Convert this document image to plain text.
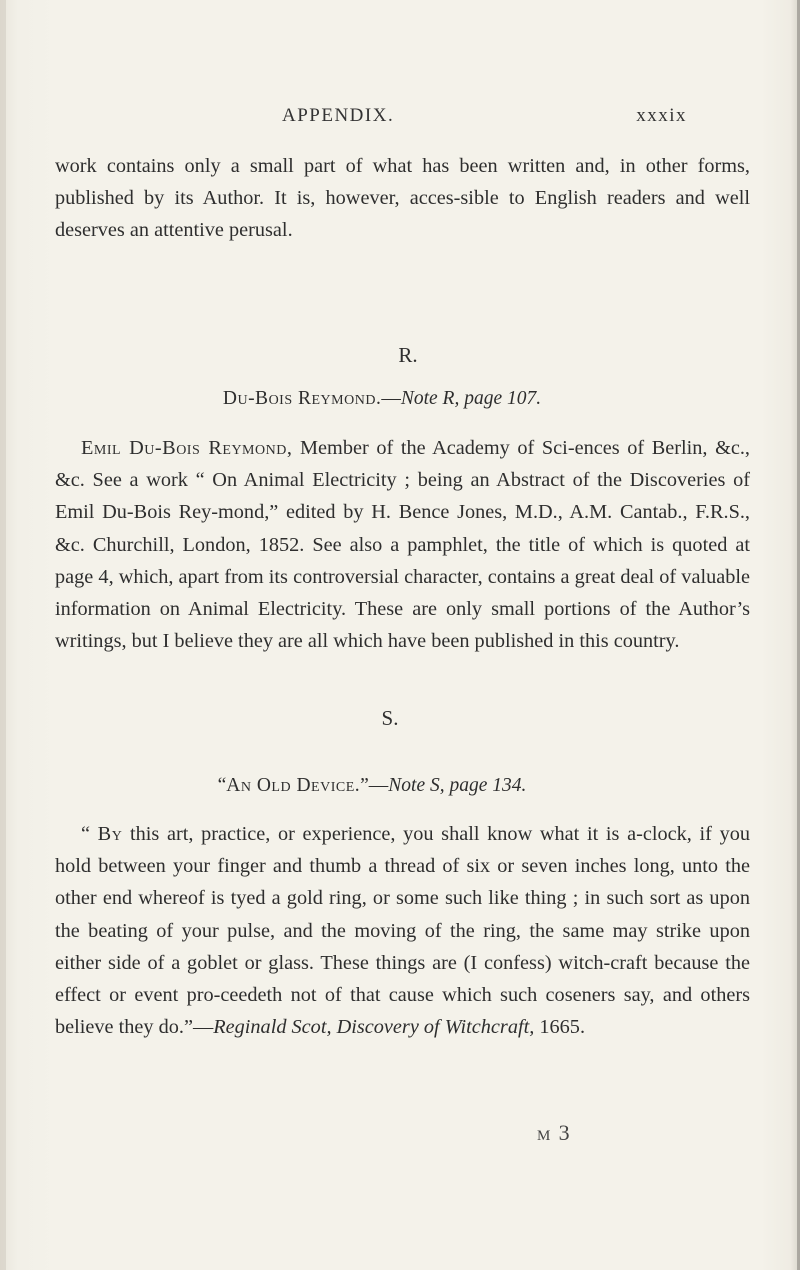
APPENDIX.	xxxix
work contains only a small part of what has been written and, in other forms, published by its Author. It is, however, acces-sible to English readers and well deserves an attentive perusal.
R.
Du-Bois Reymond.—Note R, page 107.
Emil Du-Bois Reymond, Member of the Academy of Sci-ences of Berlin, &c., &c. See a work “ On Animal Electricity ; being an Abstract of the Discoveries of Emil Du-Bois Rey-mond,” edited by H. Bence Jones, M.D., A.M. Cantab., F.R.S., &c. Churchill, London, 1852. See also a pamphlet, the title of which is quoted at page 4, which, apart from its controversial character, contains a great deal of valuable information on Animal Electricity. These are only small portions of the Author’s writings, but I believe they are all which have been published in this country.
S.
“An Old Device.”—Note S, page 134.
“ By this art, practice, or experience, you shall know what it is a-clock, if you hold between your finger and thumb a thread of six or seven inches long, unto the other end whereof is tyed a gold ring, or some such like thing ; in such sort as upon the beating of your pulse, and the moving of the ring, the same may strike upon either side of a goblet or glass. These things are (I confess) witch-craft because the effect or event pro-ceedeth not of that cause which such coseners say, and others believe they do.”—Reginald Scot, Discovery of Witchcraft, 1665.
M 3
